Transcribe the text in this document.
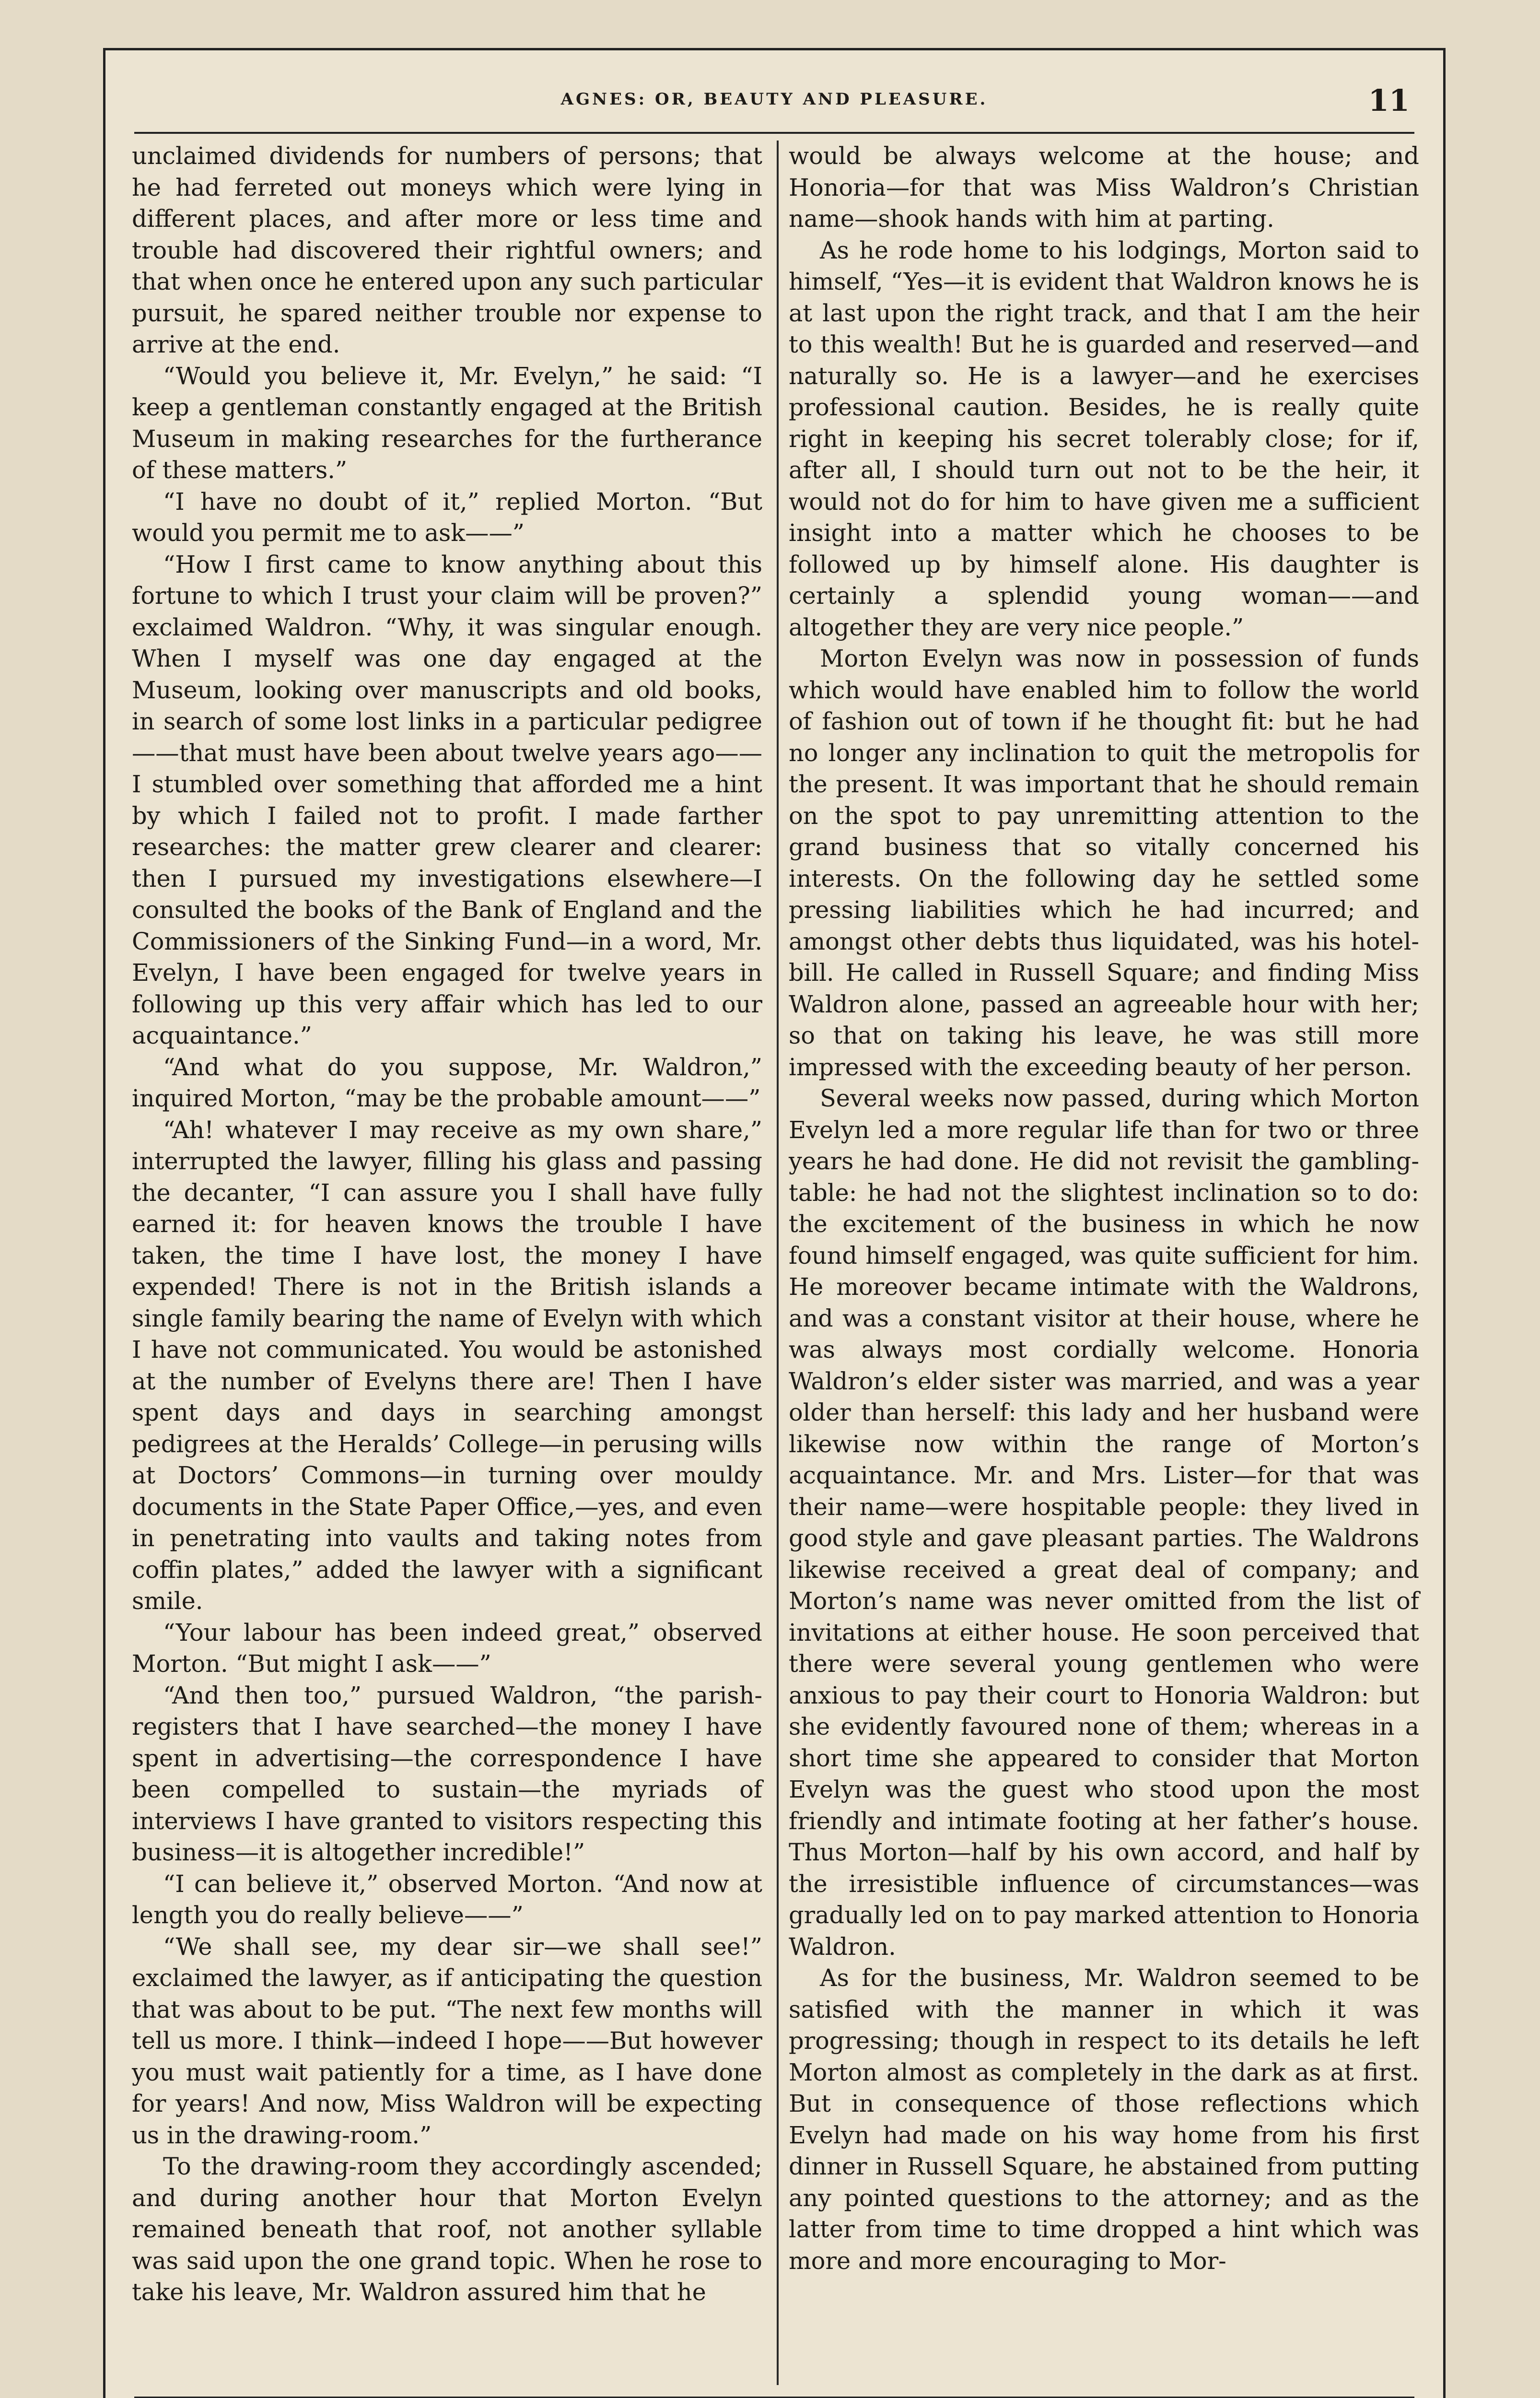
AGNES: OR, BEAUTY AND PLEASURE.	11

unclaimed dividends for numbers of persons; that he had ferreted out moneys which were lying in different places, and after more or less time and trouble had discovered their rightful owners; and that when once he entered upon any such particular pursuit, he spared neither trouble nor expense to arrive at the end.

“Would you believe it, Mr. Evelyn,” he said: “I keep a gentleman constantly engaged at the British Museum in making researches for the furtherance of these matters.”

“I have no doubt of it,” replied Morton. “But would you permit me to ask——”

“How I first came to know anything about this fortune to which I trust your claim will be proven?” exclaimed Waldron. “Why, it was singular enough. When I myself was one day engaged at the Museum, looking over manuscripts and old books, in search of some lost links in a particular pedigree——that must have been about twelve years ago——I stumbled over something that afforded me a hint by which I failed not to profit. I made farther researches: the matter grew clearer and clearer: then I pursued my investigations elsewhere—I consulted the books of the Bank of England and the Commissioners of the Sinking Fund—in a word, Mr. Evelyn, I have been engaged for twelve years in following up this very affair which has led to our acquaintance.”

“And what do you suppose, Mr. Waldron,” inquired Morton, “may be the probable amount——”

“Ah! whatever I may receive as my own share,” interrupted the lawyer, filling his glass and passing the decanter, “I can assure you I shall have fully earned it: for heaven knows the trouble I have taken, the time I have lost, the money I have expended! There is not in the British islands a single family bearing the name of Evelyn with which I have not communicated. You would be astonished at the number of Evelyns there are! Then I have spent days and days in searching amongst pedigrees at the Heralds’ College—in perusing wills at Doctors’ Commons—in turning over mouldy documents in the State Paper Office,—yes, and even in penetrating into vaults and taking notes from coffin plates,” added the lawyer with a significant smile.

“Your labour has been indeed great,” observed Morton. “But might I ask——”

“And then too,” pursued Waldron, “the parish-registers that I have searched—the money I have spent in advertising—the correspondence I have been compelled to sustain—the myriads of interviews I have granted to visitors respecting this business—it is altogether incredible!”

“I can believe it,” observed Morton. “And now at length you do really believe——”

“We shall see, my dear sir—we shall see!” exclaimed the lawyer, as if anticipating the question that was about to be put. “The next few months will tell us more. I think—indeed I hope——But however you must wait patiently for a time, as I have done for years! And now, Miss Waldron will be expecting us in the drawing-room.”

To the drawing-room they accordingly ascended; and during another hour that Morton Evelyn remained beneath that roof, not another syllable was said upon the one grand topic. When he rose to take his leave, Mr. Waldron assured him that he

would be always welcome at the house; and Honoria—for that was Miss Waldron’s Christian name—shook hands with him at parting.

As he rode home to his lodgings, Morton said to himself, “Yes—it is evident that Waldron knows he is at last upon the right track, and that I am the heir to this wealth! But he is guarded and reserved—and naturally so. He is a lawyer—and he exercises professional caution. Besides, he is really quite right in keeping his secret tolerably close; for if, after all, I should turn out not to be the heir, it would not do for him to have given me a sufficient insight into a matter which he chooses to be followed up by himself alone. His daughter is certainly a splendid young woman——and altogether they are very nice people.”

Morton Evelyn was now in possession of funds which would have enabled him to follow the world of fashion out of town if he thought fit: but he had no longer any inclination to quit the metropolis for the present. It was important that he should remain on the spot to pay unremitting attention to the grand business that so vitally concerned his interests. On the following day he settled some pressing liabilities which he had incurred; and amongst other debts thus liquidated, was his hotel-bill. He called in Russell Square; and finding Miss Waldron alone, passed an agreeable hour with her; so that on taking his leave, he was still more impressed with the exceeding beauty of her person.

Several weeks now passed, during which Morton Evelyn led a more regular life than for two or three years he had done. He did not revisit the gambling-table: he had not the slightest inclination so to do: the excitement of the business in which he now found himself engaged, was quite sufficient for him. He moreover became intimate with the Waldrons, and was a constant visitor at their house, where he was always most cordially welcome. Honoria Waldron’s elder sister was married, and was a year older than herself: this lady and her husband were likewise now within the range of Morton’s acquaintance. Mr. and Mrs. Lister—for that was their name—were hospitable people: they lived in good style and gave pleasant parties. The Waldrons likewise received a great deal of company; and Morton’s name was never omitted from the list of invitations at either house. He soon perceived that there were several young gentlemen who were anxious to pay their court to Honoria Waldron: but she evidently favoured none of them; whereas in a short time she appeared to consider that Morton Evelyn was the guest who stood upon the most friendly and intimate footing at her father’s house. Thus Morton—half by his own accord, and half by the irresistible influence of circumstances—was gradually led on to pay marked attention to Honoria Waldron.

As for the business, Mr. Waldron seemed to be satisfied with the manner in which it was progressing; though in respect to its details he left Morton almost as completely in the dark as at first. But in consequence of those reflections which Evelyn had made on his way home from his first dinner in Russell Square, he abstained from putting any pointed questions to the attorney; and as the latter from time to time dropped a hint which was more and more encouraging to Mor-
